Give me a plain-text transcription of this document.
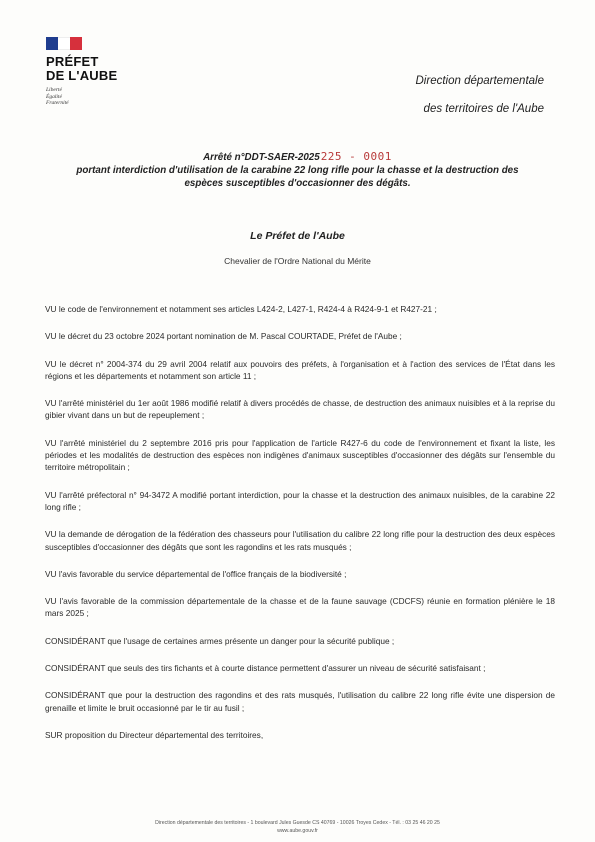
PRÉFET
DE L'AUBE
Liberté
Égalité
Fraternité
Direction départementale
des territoires de l'Aube
Arrêté n°DDT-SAER-2025 225 - 0001
portant interdiction d'utilisation de la carabine 22 long rifle pour la chasse et la destruction des
espèces susceptibles d'occasionner des dégâts.
Le Préfet de l'Aube
Chevalier de l'Ordre National du Mérite

VU le code de l'environnement et notamment ses articles L424-2, L427-1, R424-4 à R424-9-1 et R427-21 ;

VU le décret du 23 octobre 2024 portant nomination de M. Pascal COURTADE, Préfet de l'Aube ;

VU le décret n° 2004-374 du 29 avril 2004 relatif aux pouvoirs des préfets, à l'organisation et à l'action des services de l'État dans les régions et les départements et notamment son article 11 ;

VU l'arrêté ministériel du 1er août 1986 modifié relatif à divers procédés de chasse, de destruction des animaux nuisibles et à la reprise du gibier vivant dans un but de repeuplement ;

VU l'arrêté ministériel du 2 septembre 2016 pris pour l'application de l'article R427-6 du code de l'environnement et fixant la liste, les périodes et les modalités de destruction des espèces non indigènes d'animaux susceptibles d'occasionner des dégâts sur l'ensemble du territoire métropolitain ;

VU l'arrêté préfectoral n° 94-3472 A modifié portant interdiction, pour la chasse et la destruction des animaux nuisibles, de la carabine 22 long rifle ;

VU la demande de dérogation de la fédération des chasseurs pour l'utilisation du calibre 22 long rifle pour la destruction des deux espèces susceptibles d'occasionner des dégâts que sont les ragondins et les rats musqués ;

VU l'avis favorable du service départemental de l'office français de la biodiversité ;

VU l'avis favorable de la commission départementale de la chasse et de la faune sauvage (CDCFS) réunie en formation plénière le 18 mars 2025 ;

CONSIDÉRANT que l'usage de certaines armes présente un danger pour la sécurité publique ;

CONSIDÉRANT que seuls des tirs fichants et à courte distance permettent d'assurer un niveau de sécurité satisfaisant ;

CONSIDÉRANT que pour la destruction des ragondins et des rats musqués, l'utilisation du calibre 22 long rifle évite une dispersion de grenaille et limite le bruit occasionné par le tir au fusil ;

SUR proposition du Directeur départemental des territoires,

Direction départementale des territoires - 1 boulevard Jules Guesde CS 40769 - 10026 Troyes Cedex - Tél. : 03 25 46 20 25
www.aube.gouv.fr
